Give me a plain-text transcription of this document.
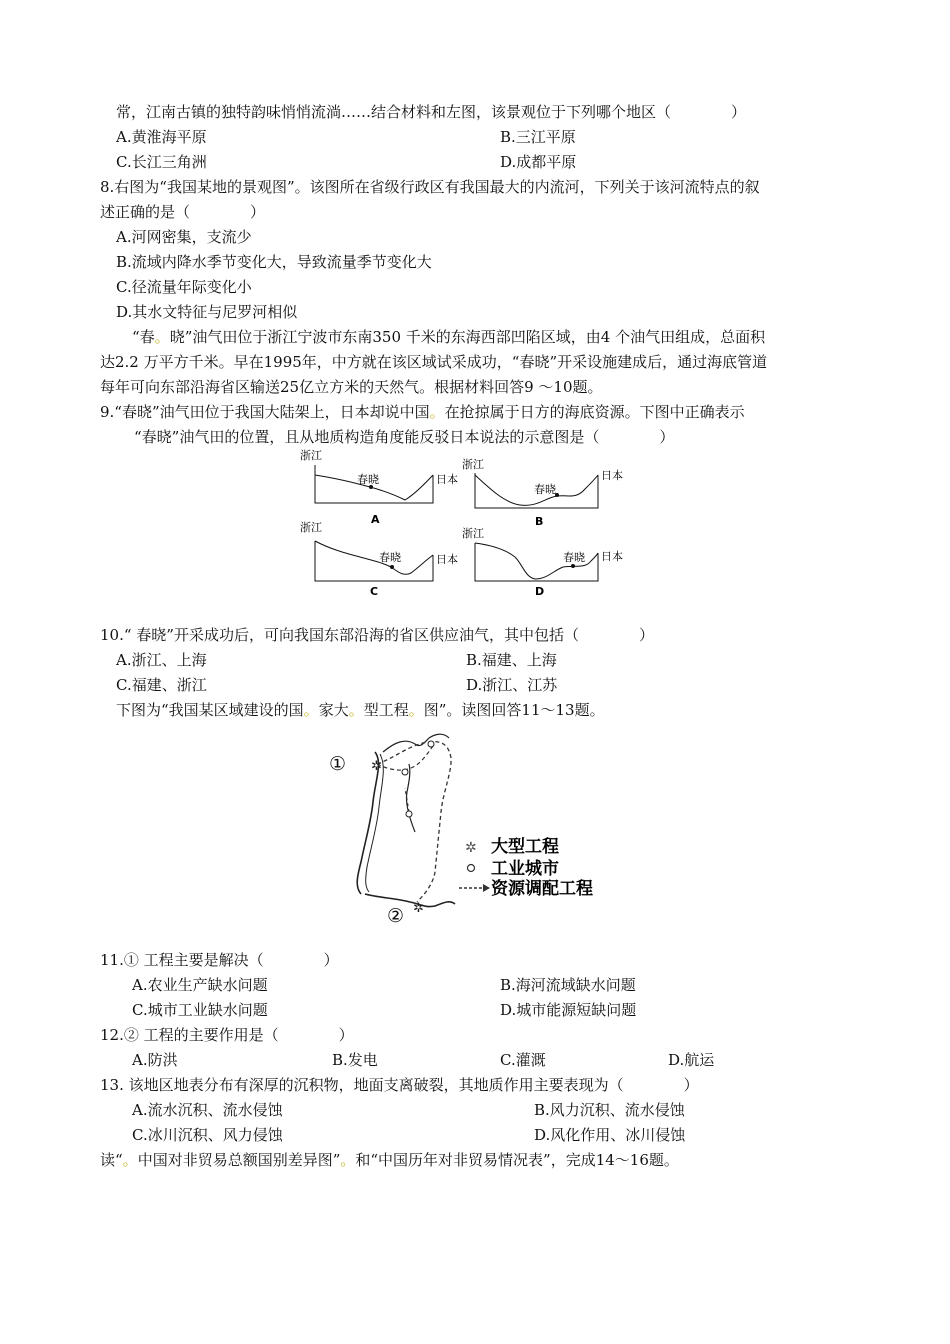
常，江南古镇的独特韵味悄悄流淌……结合材料和左图，该景观位于下列哪个地区（　　　　）
A.黄淮海平原	B.三江平原
C.长江三角洲	D.成都平原
8.右图为“我国某地的景观图”。该图所在省级行政区有我国最大的内流河，下列关于该河流特点的叙
述正确的是（　　　　）
A.河网密集，支流少
B.流域内降水季节变化大，导致流量季节变化大
C.径流量年际变化小
D.其水文特征与尼罗河相似
“春。晓”油气田位于浙江宁波市东南350 千米的东海西部凹陷区域，由4 个油气田组成，总面积
达2.2 万平方千米。早在1995年，中方就在该区域试采成功，“春晓”开采设施建成后，通过海底管道
每年可向东部沿海省区输送25亿立方米的天然气。根据材料回答9 ～10题。
9.“春晓”油气田位于我国大陆架上，日本却说中国。在抢掠属于日方的海底资源。下图中正确表示
“春晓”油气田的位置，且从地质构造角度能反驳日本说法的示意图是（　　　　）
浙江
春晓	日本
A
浙江
春晓
日本
B
浙江
春晓	日本
C
浙江
春晓 日本
D
10.“ 春晓”开采成功后，可向我国东部沿海的省区供应油气，其中包括（　　　　）
A.浙江、上海	B.福建、上海
C.福建、浙江	D.浙江、江苏
下图为“我国某区域建设的国。家大。型工程。图”。读图回答11～13题。
✲
✲
①
②
✲ 大型工程
工业城市
资源调配工程
11.① 工程主要是解决（　　　　）
A.农业生产缺水问题	B.海河流域缺水问题
C.城市工业缺水问题	D.城市能源短缺问题
12.② 工程的主要作用是（　　　　）
A.防洪	B.发电	C.灌溉	D.航运
13. 该地区地表分布有深厚的沉积物，地面支离破裂，其地质作用主要表现为（　　　　）
A.流水沉积、流水侵蚀	B.风力沉积、流水侵蚀
C.冰川沉积、风力侵蚀	D.风化作用、冰川侵蚀
读“。中国对非贸易总额国别差异图”。和“中国历年对非贸易情况表”，完成14～16题。
